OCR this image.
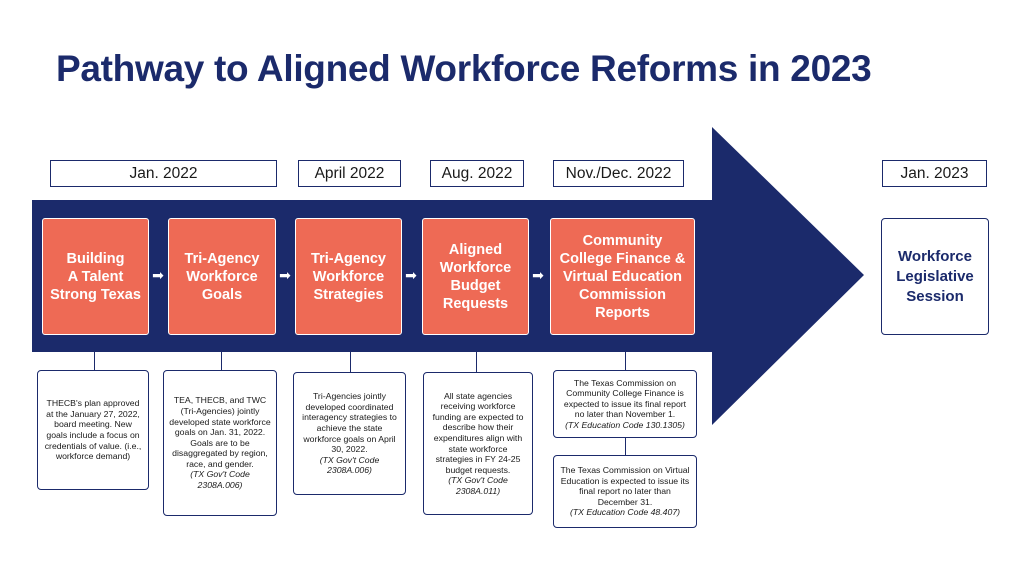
Pathway to Aligned Workforce Reforms in 2023
Jan. 2022	April 2022	Aug. 2022	Nov./Dec. 2022	Jan. 2023
Building
A Talent
Strong Texas
➡
Tri-Agency
Workforce
Goals
➡
Tri-Agency
Workforce
Strategies
➡
Aligned
Workforce
Budget
Requests
➡
Community
College Finance &
Virtual Education
Commission
Reports
Workforce
Legislative
Session
THECB's plan approved at the January 27, 2022, board meeting. New goals include a focus on credentials of value. (i.e., workforce demand)
TEA, THECB, and TWC (Tri-Agencies) jointly developed state workforce goals on Jan. 31, 2022. Goals are to be disaggregated by region, race, and gender.
(TX Gov't Code 2308A.006)
Tri-Agencies jointly developed coordinated interagency strategies to achieve the state workforce goals on April 30, 2022.
(TX Gov't Code 2308A.006)
All state agencies receiving workforce funding are expected to describe how their expenditures align with state workforce strategies in FY 24-25 budget requests.
(TX Gov't Code 2308A.011)
The Texas Commission on Community College Finance is expected to issue its final report no later than November 1.
(TX Education Code 130.1305)
The Texas Commission on Virtual Education is expected to issue its final report no later than December 31.
(TX Education Code 48.407)
